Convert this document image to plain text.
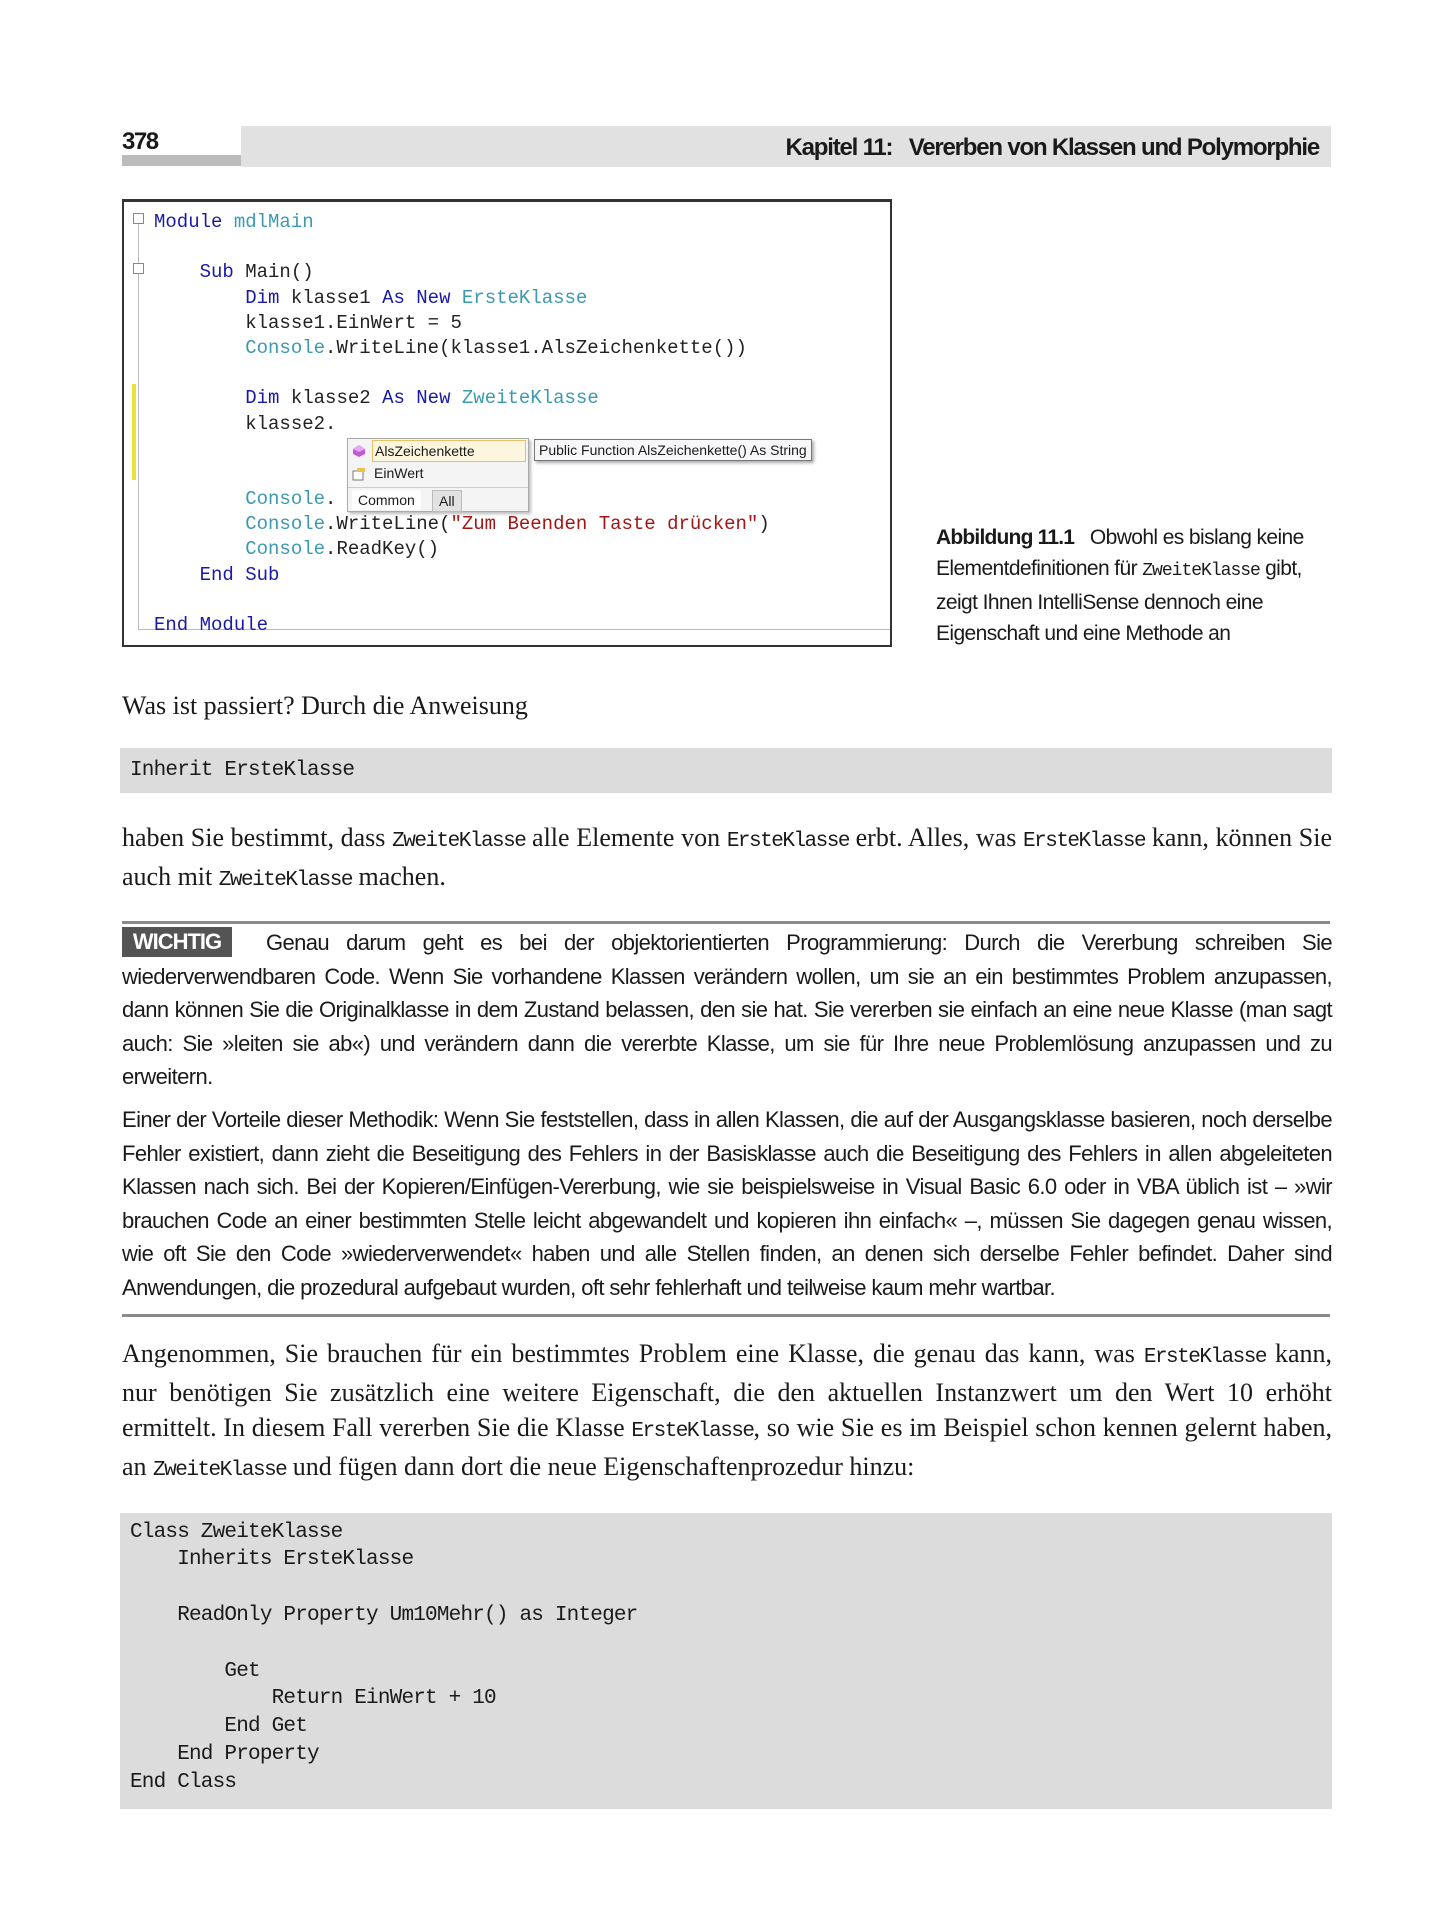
378	Kapitel 11:   Vererben von Klassen und Polymorphie
Module mdlMain
Sub Main()
Dim klasse1 As New ErsteKlasse
klasse1.EinWert = 5
Console.WriteLine(klasse1.AlsZeichenkette())
Dim klasse2 As New ZweiteKlasse
klasse2.
Console.
Console.WriteLine("Zum Beenden Taste drücken")
Console.ReadKey()
End Sub
End Module
AlsZeichenkette
EinWert
Common	All
Public Function AlsZeichenkette() As String
Abbildung 11.1 Obwohl es bislang keine Elementdefinitionen für ZweiteKlasse gibt, zeigt Ihnen IntelliSense dennoch eine Eigenschaft und eine Methode an
Was ist passiert? Durch die Anweisung
Inherit ErsteKlasse
haben Sie bestimmt, dass ZweiteKlasse alle Elemente von ErsteKlasse erbt. Alles, was ErsteKlasse kann, können Sie auch mit ZweiteKlasse machen.
WICHTIG	Genau darum geht es bei der objektorientierten Programmierung: Durch die Vererbung schreiben Sie wiederverwendbaren Code. Wenn Sie vorhandene Klassen verändern wollen, um sie an ein bestimmtes Problem anzupassen, dann können Sie die Originalklasse in dem Zustand belassen, den sie hat. Sie vererben sie einfach an eine neue Klasse (man sagt auch: Sie »leiten sie ab«) und verändern dann die vererbte Klasse, um sie für Ihre neue Problemlösung anzupassen und zu erweitern.
Einer der Vorteile dieser Methodik: Wenn Sie feststellen, dass in allen Klassen, die auf der Ausgangsklasse basieren, noch derselbe Fehler existiert, dann zieht die Beseitigung des Fehlers in der Basisklasse auch die Beseitigung des Fehlers in allen abgeleiteten Klassen nach sich. Bei der Kopieren/Einfügen-Vererbung, wie sie beispielsweise in Visual Basic 6.0 oder in VBA üblich ist – »wir brauchen Code an einer bestimmten Stelle leicht abgewandelt und kopieren ihn einfach« –, müssen Sie dagegen genau wissen, wie oft Sie den Code »wiederverwendet« haben und alle Stellen finden, an denen sich derselbe Fehler befindet. Daher sind Anwendungen, die prozedural aufgebaut wurden, oft sehr fehlerhaft und teilweise kaum mehr wartbar.
Angenommen, Sie brauchen für ein bestimmtes Problem eine Klasse, die genau das kann, was ErsteKlasse kann, nur benötigen Sie zusätzlich eine weitere Eigenschaft, die den aktuellen Instanzwert um den Wert 10 erhöht ermittelt. In diesem Fall vererben Sie die Klasse ErsteKlasse, so wie Sie es im Beispiel schon kennen gelernt haben, an ZweiteKlasse und fügen dann dort die neue Eigenschaftenprozedur hinzu:
Class ZweiteKlasse
Inherits ErsteKlasse

ReadOnly Property Um10Mehr() as Integer

Get
Return EinWert + 10
End Get
End Property
End Class
